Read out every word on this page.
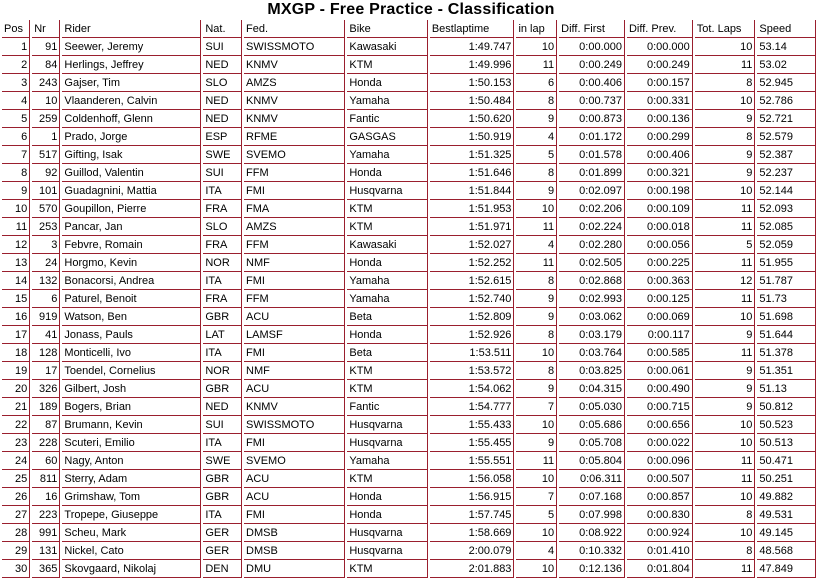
MXGP - Free Practice - Classification
Pos	Nr	Rider	Nat.	Fed.	Bike	Bestlaptime	in lap	Diff. First	Diff. Prev.	Tot. Laps	Speed
1	91	Seewer, Jeremy	SUI	SWISSMOTO	Kawasaki	1:49.747	10	0:00.000	0:00.000	10	53.14
2	84	Herlings, Jeffrey	NED	KNMV	KTM	1:49.996	11	0:00.249	0:00.249	11	53.02
3	243	Gajser, Tim	SLO	AMZS	Honda	1:50.153	6	0:00.406	0:00.157	8	52.945
4	10	Vlaanderen, Calvin	NED	KNMV	Yamaha	1:50.484	8	0:00.737	0:00.331	10	52.786
5	259	Coldenhoff, Glenn	NED	KNMV	Fantic	1:50.620	9	0:00.873	0:00.136	9	52.721
6	1	Prado, Jorge	ESP	RFME	GASGAS	1:50.919	4	0:01.172	0:00.299	8	52.579
7	517	Gifting, Isak	SWE	SVEMO	Yamaha	1:51.325	5	0:01.578	0:00.406	9	52.387
8	92	Guillod, Valentin	SUI	FFM	Honda	1:51.646	8	0:01.899	0:00.321	9	52.237
9	101	Guadagnini, Mattia	ITA	FMI	Husqvarna	1:51.844	9	0:02.097	0:00.198	10	52.144
10	570	Goupillon, Pierre	FRA	FMA	KTM	1:51.953	10	0:02.206	0:00.109	11	52.093
11	253	Pancar, Jan	SLO	AMZS	KTM	1:51.971	11	0:02.224	0:00.018	11	52.085
12	3	Febvre, Romain	FRA	FFM	Kawasaki	1:52.027	4	0:02.280	0:00.056	5	52.059
13	24	Horgmo, Kevin	NOR	NMF	Honda	1:52.252	11	0:02.505	0:00.225	11	51.955
14	132	Bonacorsi, Andrea	ITA	FMI	Yamaha	1:52.615	8	0:02.868	0:00.363	12	51.787
15	6	Paturel, Benoit	FRA	FFM	Yamaha	1:52.740	9	0:02.993	0:00.125	11	51.73
16	919	Watson, Ben	GBR	ACU	Beta	1:52.809	9	0:03.062	0:00.069	10	51.698
17	41	Jonass, Pauls	LAT	LAMSF	Honda	1:52.926	8	0:03.179	0:00.117	9	51.644
18	128	Monticelli, Ivo	ITA	FMI	Beta	1:53.511	10	0:03.764	0:00.585	11	51.378
19	17	Toendel, Cornelius	NOR	NMF	KTM	1:53.572	8	0:03.825	0:00.061	9	51.351
20	326	Gilbert, Josh	GBR	ACU	KTM	1:54.062	9	0:04.315	0:00.490	9	51.13
21	189	Bogers, Brian	NED	KNMV	Fantic	1:54.777	7	0:05.030	0:00.715	9	50.812
22	87	Brumann, Kevin	SUI	SWISSMOTO	Husqvarna	1:55.433	10	0:05.686	0:00.656	10	50.523
23	228	Scuteri, Emilio	ITA	FMI	Husqvarna	1:55.455	9	0:05.708	0:00.022	10	50.513
24	60	Nagy, Anton	SWE	SVEMO	Yamaha	1:55.551	11	0:05.804	0:00.096	11	50.471
25	811	Sterry, Adam	GBR	ACU	KTM	1:56.058	10	0:06.311	0:00.507	11	50.251
26	16	Grimshaw, Tom	GBR	ACU	Honda	1:56.915	7	0:07.168	0:00.857	10	49.882
27	223	Tropepe, Giuseppe	ITA	FMI	Honda	1:57.745	5	0:07.998	0:00.830	8	49.531
28	991	Scheu, Mark	GER	DMSB	Husqvarna	1:58.669	10	0:08.922	0:00.924	10	49.145
29	131	Nickel, Cato	GER	DMSB	Husqvarna	2:00.079	4	0:10.332	0:01.410	8	48.568
30	365	Skovgaard, Nikolaj	DEN	DMU	KTM	2:01.883	10	0:12.136	0:01.804	11	47.849
